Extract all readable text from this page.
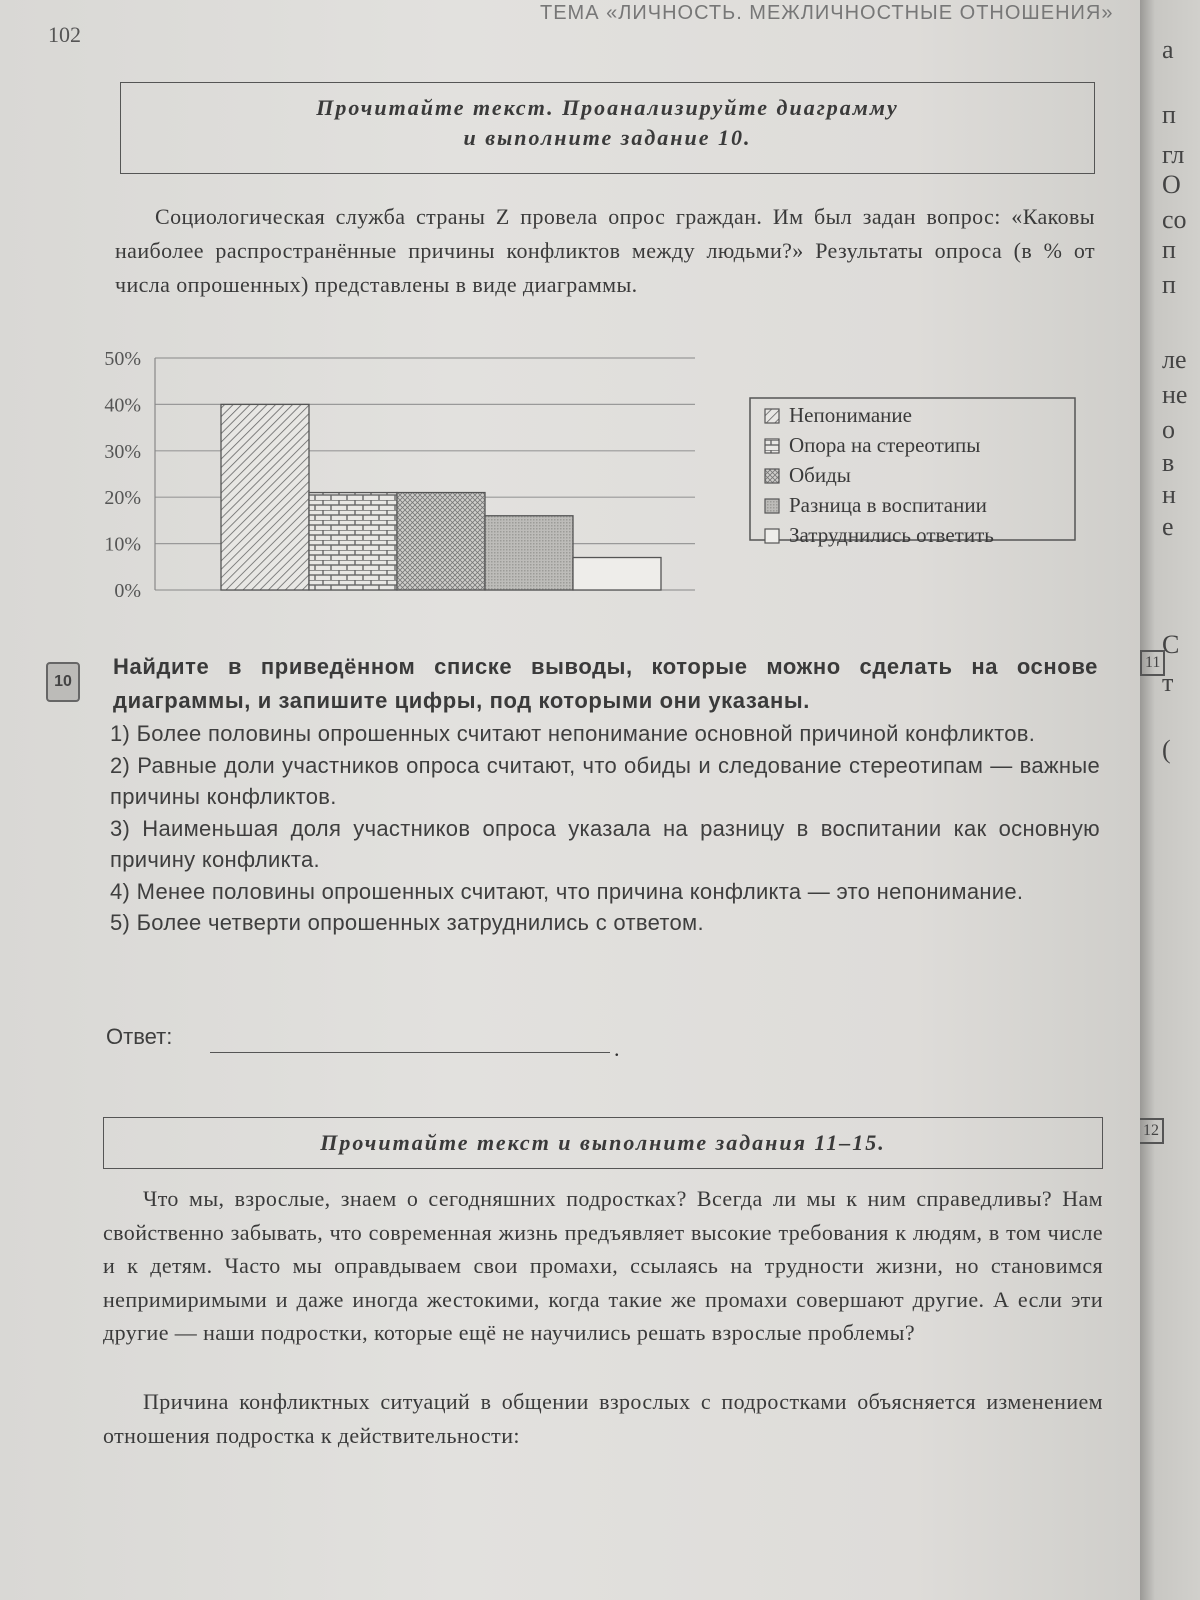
102
ТЕМА «ЛИЧНОСТЬ. МЕЖЛИЧНОСТНЫЕ ОТНОШЕНИЯ»
Прочитайте текст. Проанализируйте диаграмму
и выполните задание 10.
Социологическая служба страны Z провела опрос граждан. Им был задан вопрос: «Каковы наиболее распространённые причины конфликтов между людьми?» Результаты опроса (в % от числа опрошенных) представлены в виде диаграммы.
0%
10%
20%
30%
40%
50%
Непонимание
Опора на стереотипы
Обиды
Разница в воспитании
Затруднились ответить
10
Найдите в приведённом списке выводы, которые можно сделать на основе диаграммы, и запишите цифры, под которыми они указаны.
1) Более половины опрошенных считают непонимание основной причиной конфликтов.
2) Равные доли участников опроса считают, что обиды и следование стереотипам — важные причины конфликтов.
3) Наименьшая доля участников опроса указала на разницу в воспитании как основную причину конфликта.
4) Менее половины опрошенных считают, что причина конфликта — это непонимание.
5) Более четверти опрошенных затруднились с ответом.
Ответ:	.
Прочитайте текст и выполните задания 11–15.
Что мы, взрослые, знаем о сегодняшних подростках? Всегда ли мы к ним справедливы? Нам свойственно забывать, что современная жизнь предъявляет высокие требования к людям, в том числе и к детям. Часто мы оправдываем свои промахи, ссылаясь на трудности жизни, но становимся непримиримыми и даже иногда жестокими, когда такие же промахи совершают другие. А если эти другие — наши подростки, которые ещё не научились решать взрослые проблемы?
Причина конфликтных ситуаций в общении взрослых с подростками объясняется изменением отношения подростка к действительности:
а
п
гл
О
со
п
п
ле
не
о
в
н
е
С
т
(
11
12
